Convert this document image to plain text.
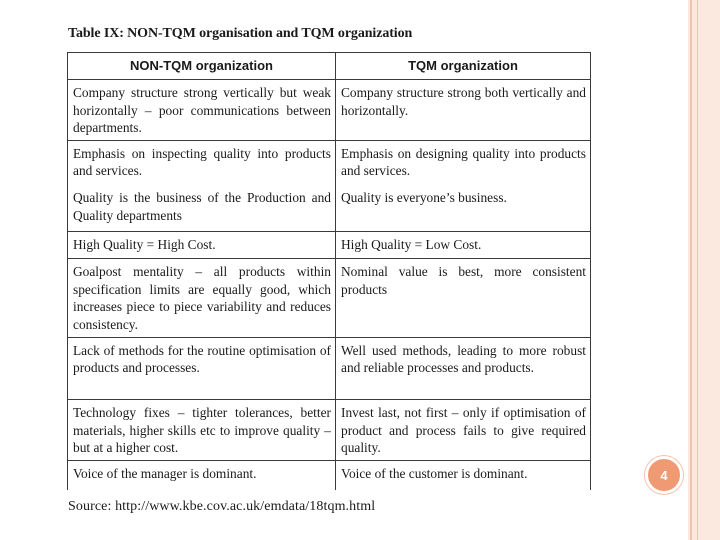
Table IX: NON-TQM organisation and TQM organization
NON-TQM organization	TQM organization
Company structure strong vertically but weak horizontally – poor communications between departments.	Company structure strong both vertically and horizontally.
Emphasis on inspecting quality into products and services.	Emphasis on designing quality into products and services.
Quality is the business of the Production and Quality departments	Quality is everyone’s business.
High Quality = High Cost.	High Quality = Low Cost.
Goalpost mentality – all products within specification limits are equally good, which increases piece to piece variability and reduces consistency.	Nominal value is best, more consistent products
Lack of methods for the routine optimisation of products and processes.	Well used methods, leading to more robust and reliable processes and products.
Technology fixes – tighter tolerances, better materials, higher skills etc to improve quality – but at a higher cost.	Invest last, not first – only if optimisation of product and process fails to give required quality.
Voice of the manager is dominant.	Voice of the customer is dominant.
Source: http://www.kbe.cov.ac.uk/emdata/18tqm.html
4
